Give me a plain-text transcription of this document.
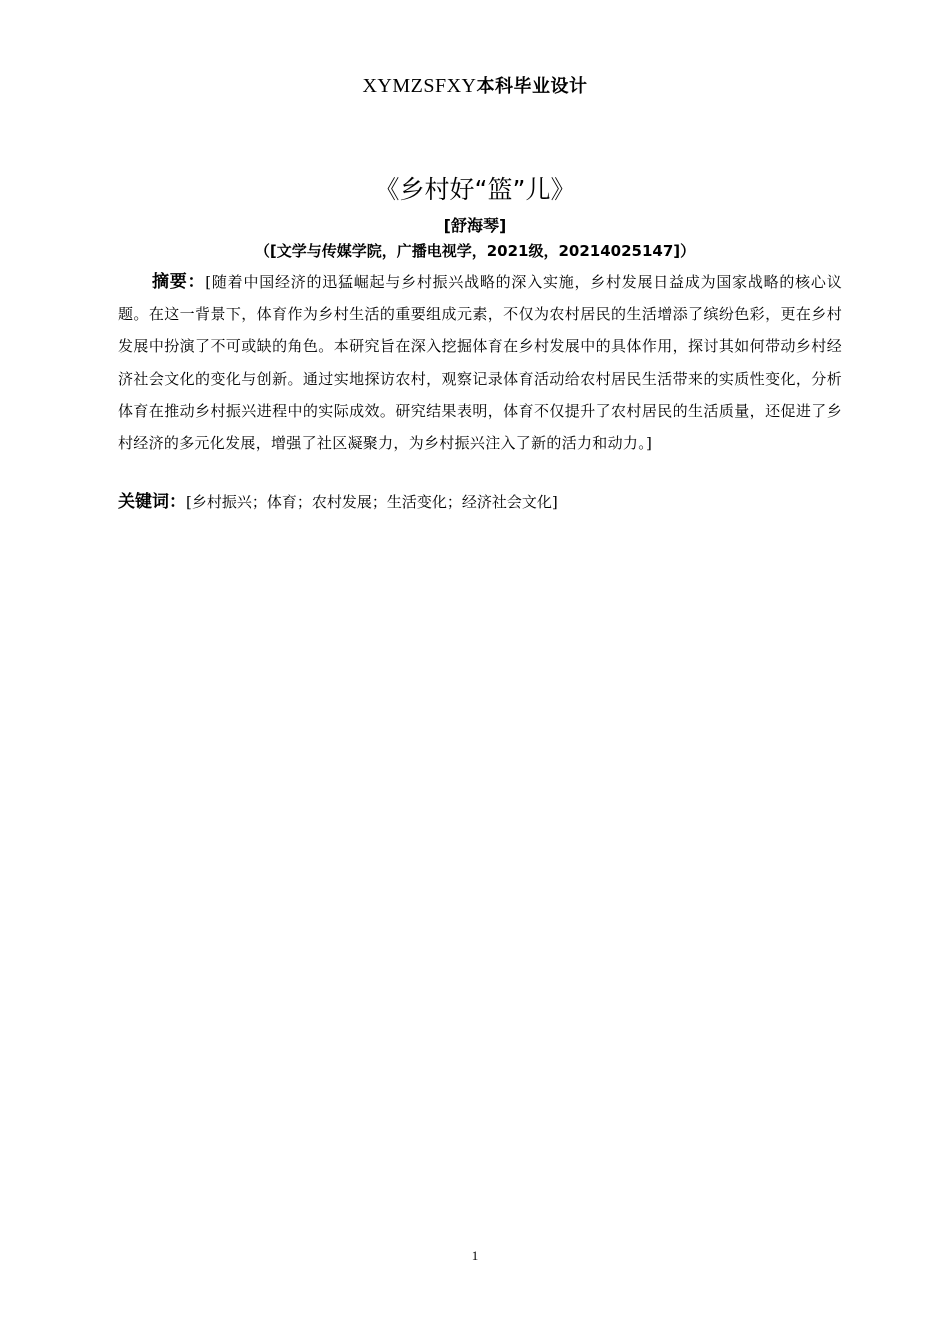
XYMZSFXY本科毕业设计
《乡村好“篮”儿》
[舒海琴]
（[文学与传媒学院，广播电视学，2021级，20214025147]）

摘要：[随着中国经济的迅猛崛起与乡村振兴战略的深入实施，乡村发展日益成为国家战略的核心议题。在这一背景下，体育作为乡村生活的重要组成元素，不仅为农村居民的生活增添了缤纷色彩，更在乡村发展中扮演了不可或缺的角色。本研究旨在深入挖掘体育在乡村发展中的具体作用，探讨其如何带动乡村经济社会文化的变化与创新。通过实地探访农村，观察记录体育活动给农村居民生活带来的实质性变化，分析体育在推动乡村振兴进程中的实际成效。研究结果表明，体育不仅提升了农村居民的生活质量，还促进了乡村经济的多元化发展，增强了社区凝聚力，为乡村振兴注入了新的活力和动力。]

关键词：[乡村振兴；体育；农村发展；生活变化；经济社会文化]

1
